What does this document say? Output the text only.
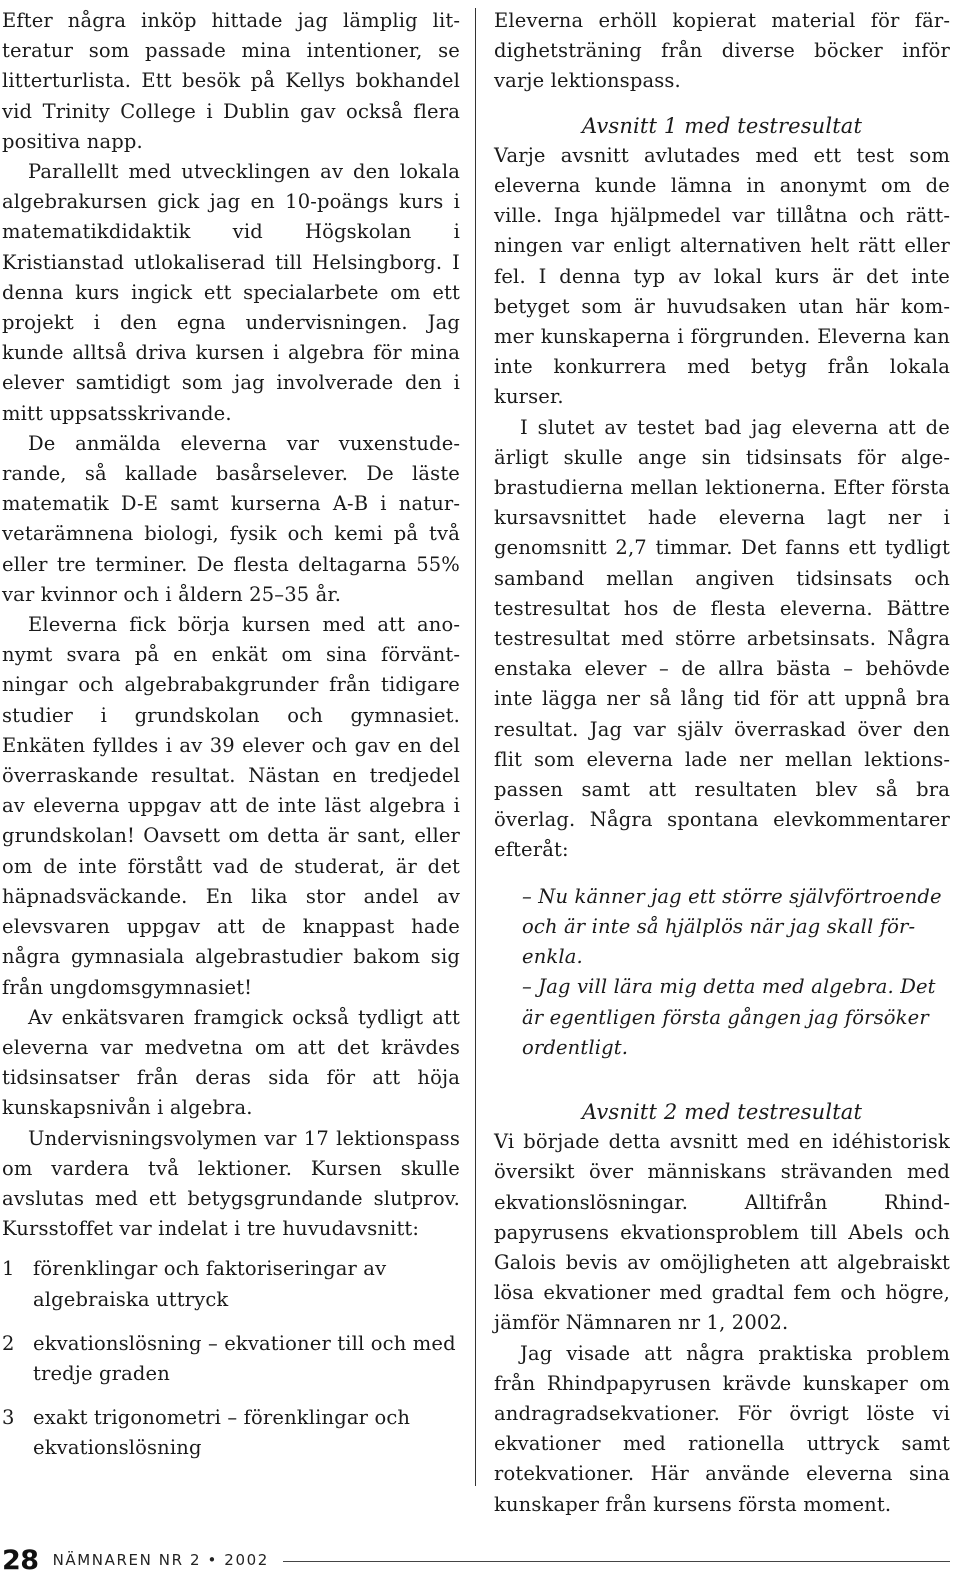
Efter några inköp hittade jag lämplig litteratur som passade mina intentioner, se litterturlista. Ett besök på Kellys bokhandel vid Trinity College i Dublin gav också flera positiva napp.

Parallellt med utvecklingen av den lokala algebrakursen gick jag en 10-poängs kurs i matematikdidaktik vid Högskolan i Kristianstad utlokaliserad till Helsingborg. I denna kurs ingick ett specialarbete om ett projekt i den egna undervisningen. Jag kunde alltså driva kursen i algebra för mina elever samtidigt som jag involverade den i mitt uppsatsskrivande.

De anmälda eleverna var vuxenstuderande, så kallade basårselever. De läste matematik D-E samt kurserna A-B i naturvetarämnena biologi, fysik och kemi på två eller tre terminer. De flesta deltagarna 55% var kvinnor och i åldern 25–35 år.

Eleverna fick börja kursen med att anonymt svara på en enkät om sina förväntningar och algebrabakgrunder från tidigare studier i grundskolan och gymnasiet. Enkäten fylldes i av 39 elever och gav en del överraskande resultat. Nästan en tredjedel av eleverna uppgav att de inte läst algebra i grundskolan! Oavsett om detta är sant, eller om de inte förstått vad de studerat, är det häpnadsväckande. En lika stor andel av elevsvaren uppgav att de knappast hade några gymnasiala algebrastudier bakom sig från ungdomsgymnasiet!

Av enkätsvaren framgick också tydligt att eleverna var medvetna om att det krävdes tidsinsatser från deras sida för att höja kunskapsnivån i algebra.

Undervisningsvolymen var 17 lektionspass om vardera två lektioner. Kursen skulle avslutas med ett betygsgrundande slutprov. Kursstoffet var indelat i tre huvudavsnitt:

1 förenklingar och faktoriseringar av algebraiska uttryck
2 ekvationslösning – ekvationer till och med tredje graden
3 exakt trigonometri – förenklingar och ekvationslösning

Eleverna erhöll kopierat material för färdighetsträning från diverse böcker inför varje lektionspass.

Avsnitt 1 med testresultat

Varje avsnitt avlutades med ett test som eleverna kunde lämna in anonymt om de ville. Inga hjälpmedel var tillåtna och rättningen var enligt alternativen helt rätt eller fel. I denna typ av lokal kurs är det inte betyget som är huvudsaken utan här kommer kunskaperna i förgrunden. Eleverna kan inte konkurrera med betyg från lokala kurser.

I slutet av testet bad jag eleverna att de ärligt skulle ange sin tidsinsats för algebrastudierna mellan lektionerna. Efter första kursavsnittet hade eleverna lagt ner i genomsnitt 2,7 timmar. Det fanns ett tydligt samband mellan angiven tidsinsats och testresultat hos de flesta eleverna. Bättre testresultat med större arbetsinsats. Några enstaka elever – de allra bästa – behövde inte lägga ner så lång tid för att uppnå bra resultat. Jag var själv överraskad över den flit som eleverna lade ner mellan lektionspassen samt att resultaten blev så bra överlag. Några spontana elevkommentarer efteråt:

– Nu känner jag ett större självförtroende och är inte så hjälplös när jag skall förenkla.

– Jag vill lära mig detta med algebra. Det är egentligen första gången jag försöker ordentligt.

Avsnitt 2 med testresultat

Vi började detta avsnitt med en idéhistorisk översikt över människans strävanden med ekvationslösningar. Alltifrån Rhindpapyrusens ekvationsproblem till Abels och Galois bevis av omöjligheten att algebraiskt lösa ekvationer med gradtal fem och högre, jämför Nämnaren nr 1, 2002.

Jag visade att några praktiska problem från Rhindpapyrusen krävde kunskaper om andragradsekvationer. För övrigt löste vi ekvationer med rationella uttryck samt rotekvationer. Här använde eleverna sina kunskaper från kursens första moment.

28 NÄMNAREN NR 2 • 2002
